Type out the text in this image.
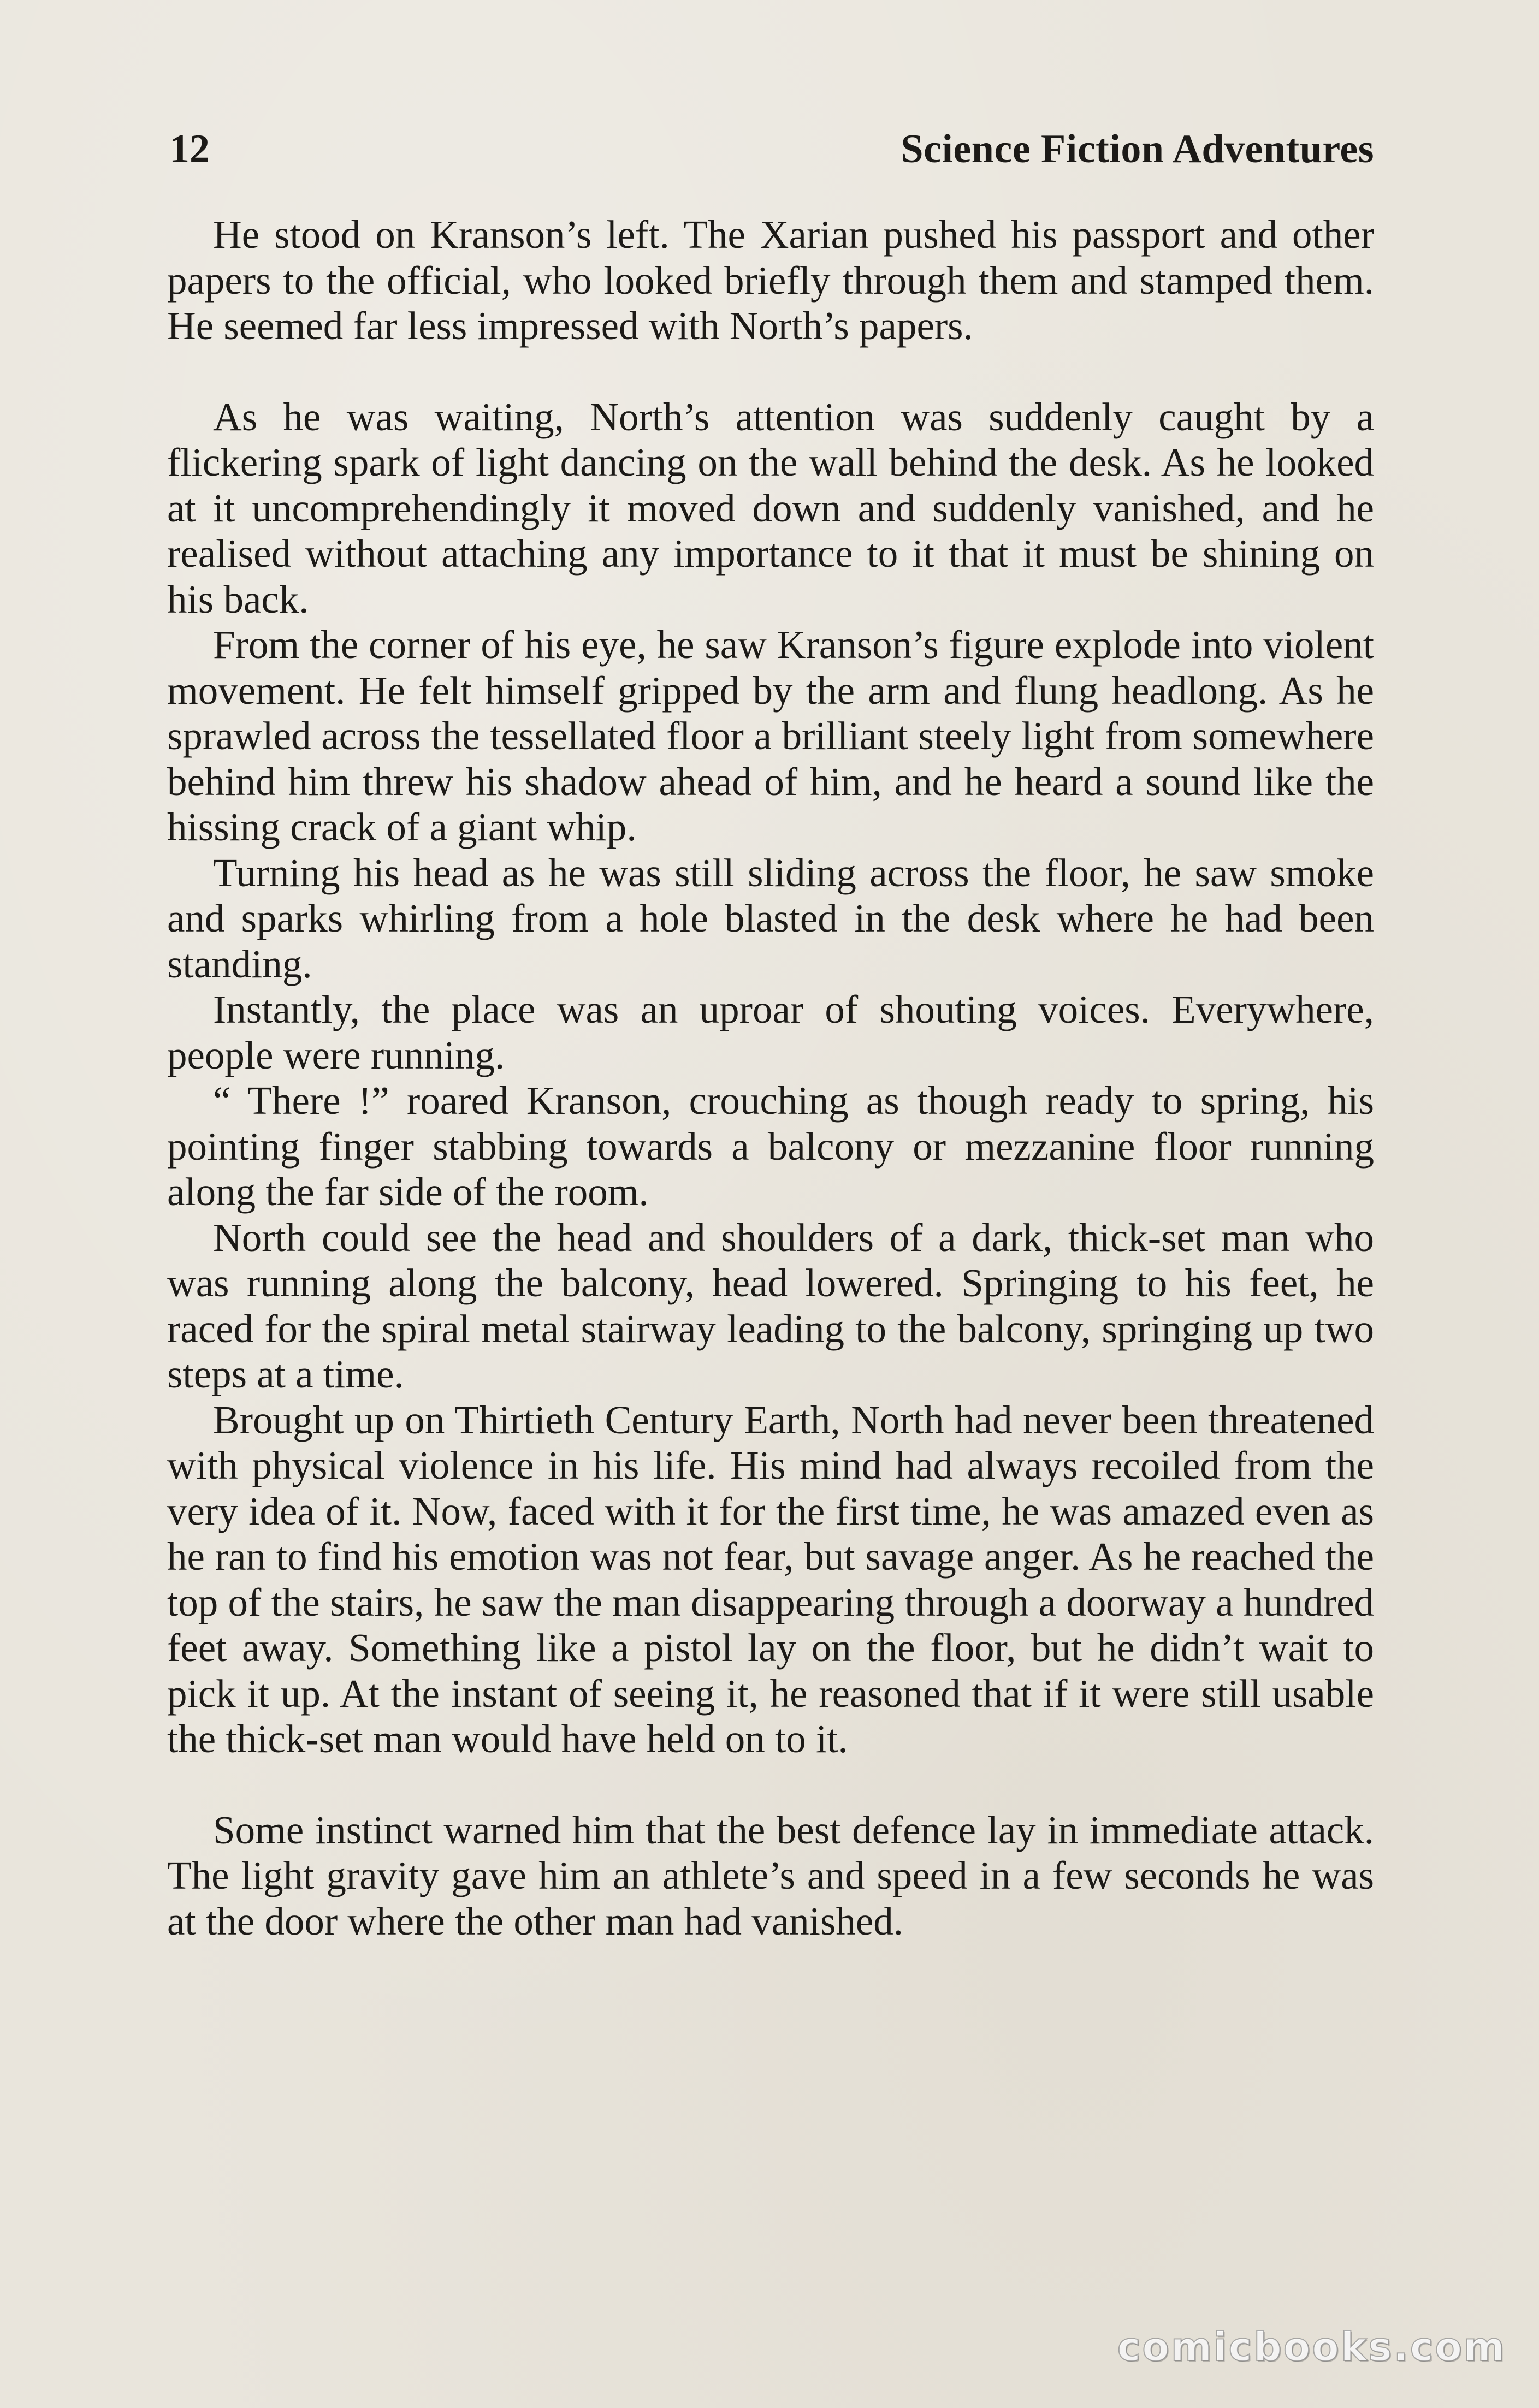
12	Science Fiction Adventures

He stood on Kranson’s left. The Xarian pushed his passport and other papers to the official, who looked briefly through them and stamped them. He seemed far less impressed with North’s papers.

As he was waiting, North’s attention was suddenly caught by a flickering spark of light dancing on the wall behind the desk. As he looked at it uncomprehendingly it moved down and suddenly vanished, and he realised without attaching any importance to it that it must be shining on his back.

From the corner of his eye, he saw Kranson’s figure explode into violent movement. He felt himself gripped by the arm and flung headlong. As he sprawled across the tessellated floor a brilliant steely light from somewhere behind him threw his shadow ahead of him, and he heard a sound like the hissing crack of a giant whip.

Turning his head as he was still sliding across the floor, he saw smoke and sparks whirling from a hole blasted in the desk where he had been standing.

Instantly, the place was an uproar of shouting voices. Everywhere, people were running.

“ There !” roared Kranson, crouching as though ready to spring, his pointing finger stabbing towards a balcony or mezzanine floor running along the far side of the room.

North could see the head and shoulders of a dark, thick-set man who was running along the balcony, head lowered. Springing to his feet, he raced for the spiral metal stairway leading to the balcony, springing up two steps at a time.

Brought up on Thirtieth Century Earth, North had never been threatened with physical violence in his life. His mind had always recoiled from the very idea of it. Now, faced with it for the first time, he was amazed even as he ran to find his emotion was not fear, but savage anger. As he reached the top of the stairs, he saw the man disappearing through a doorway a hundred feet away. Something like a pistol lay on the floor, but he didn’t wait to pick it up. At the instant of seeing it, he reasoned that if it were still usable the thick-set man would have held on to it.

Some instinct warned him that the best defence lay in immediate attack. The light gravity gave him an athlete’s and speed in a few seconds he was at the door where the other man had vanished.

comicbooks.com
